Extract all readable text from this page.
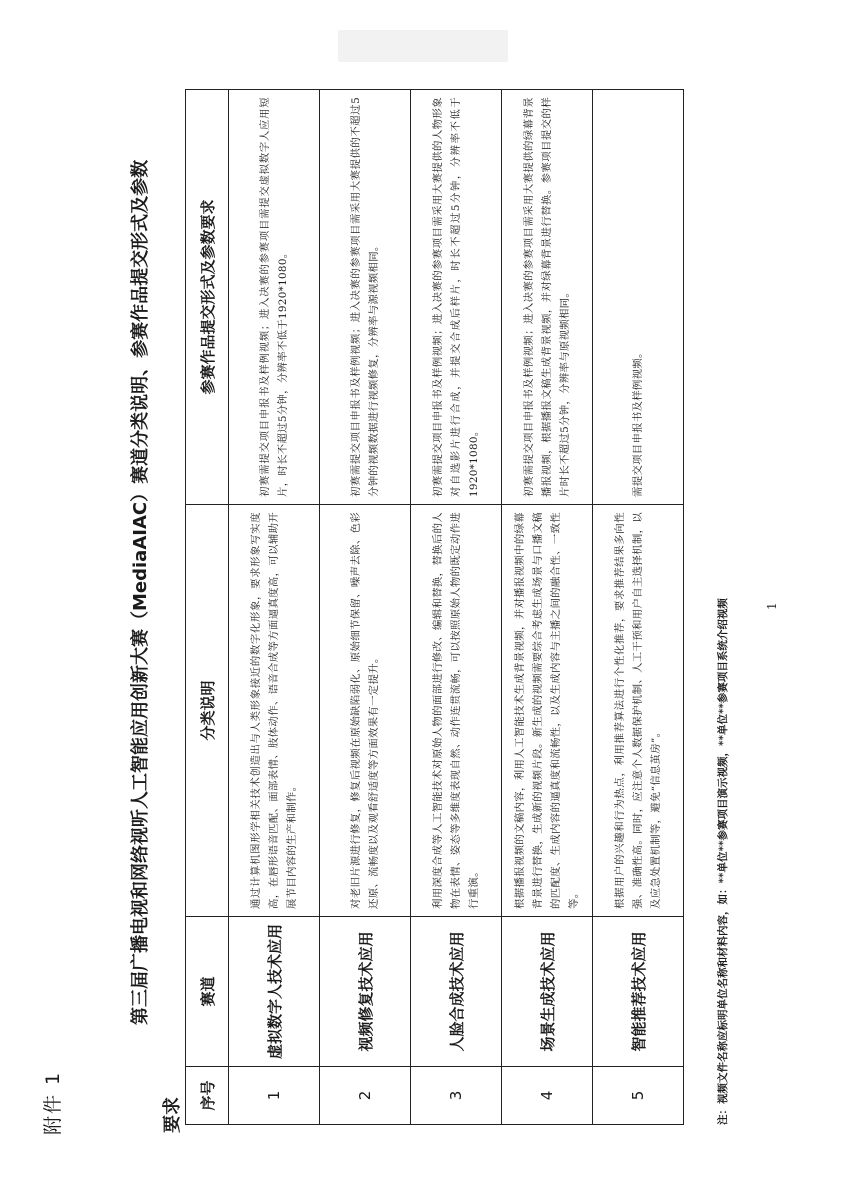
附件 1
第三届广播电视和网络视听人工智能应用创新大赛（MediaAIAC）赛道分类说明、参赛作品提交形式及参数
要求
序号	赛道	分类说明	参赛作品提交形式及参数要求
1	虚拟数字人技术应用	通过计算机图形学相关技术创造出与人类形象接近的数字化形象，要求形象写实度高，在唇形语音匹配、面部表情、肢体动作、语音合成等方面逼真度高，可以辅助开展节目内容的生产和制作。	初赛需提交项目申报书及样例视频；进入决赛的参赛项目需提交虚拟数字人应用短片，时长不超过5分钟，分辨率不低于1920*1080。
2	视频修复技术应用	对老旧片源进行修复，修复后视频在原始缺陷弱化、原始细节保留、噪声去除、色彩还原、流畅度以及观看舒适度等方面效果有一定提升。	初赛需提交项目申报书及样例视频；进入决赛的参赛项目需采用大赛提供的不超过5分钟的视频数据进行视频修复，分辨率与源视频相同。
3	人脸合成技术应用	利用深度合成等人工智能技术对原始人物的面部进行修改、编辑和替换，替换后的人物在表情、姿态等多维度表现自然、动作连贯流畅，可以按照原始人物的既定动作进行重演。	初赛需提交项目申报书及样例视频；进入决赛的参赛项目需采用大赛提供的人物形象对自选影片进行合成，并提交合成后样片，时长不超过5分钟，分辨率不低于1920*1080。
4	场景生成技术应用	根据播报视频的文稿内容，利用人工智能技术生成背景视频，并对播报视频中的绿幕背景进行替换，生成新的视频片段。新生成的视频需要综合考虑生成场景与口播文稿的匹配度、生成内容的逼真度和流畅性，以及生成内容与主播之间的融合性、一致性等。	初赛需提交项目申报书及样例视频；进入决赛的参赛项目需采用大赛提供的绿幕背景播报视频，根据播报文稿生成背景视频，并对绿幕背景进行替换。参赛项目提交的样片时长不超过5分钟，分辨率与原视频相同。
5	智能推荐技术应用	根据用户的兴趣和行为热点，利用推荐算法进行个性化推荐，要求推荐结果多向性强、准确性高。同时，应注意个人数据保护机制、人工干预和用户自主选择机制，以及应急处置机制等，避免“信息茧房”。	需提交项目申报书及样例视频。
注：视频文件名称应标明单位名称和材料内容，如：**单位**参赛项目演示视频，**单位**参赛项目系统介绍视频	1
